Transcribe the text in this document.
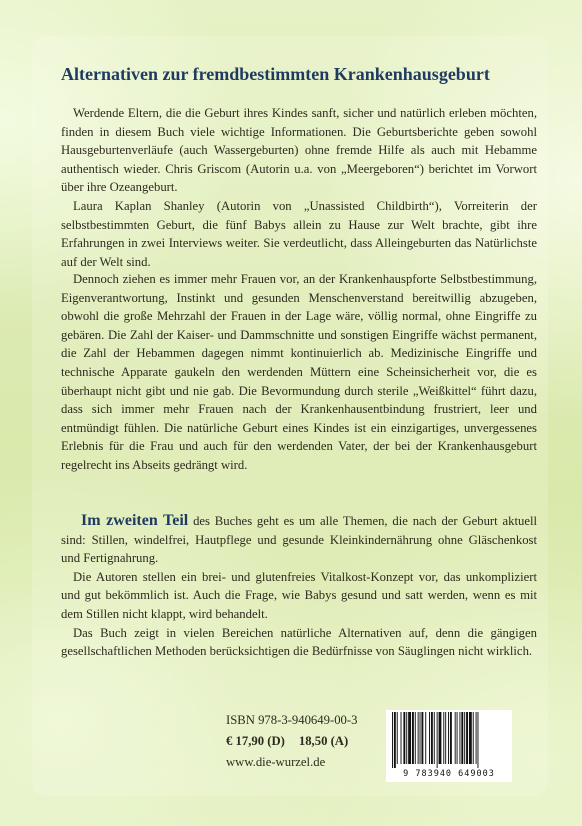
Alternativen zur fremdbestimmten Krankenhausgeburt

Werdende Eltern, die die Geburt ihres Kindes sanft, sicher und natürlich erleben möchten, finden in diesem Buch viele wichtige Informationen. Die Geburtsberichte geben sowohl Hausgeburtenverläufe (auch Wassergeburten) ohne fremde Hilfe als auch mit Hebamme authentisch wieder. Chris Griscom (Autorin u.a. von „Meergeboren“) berichtet im Vorwort über ihre Ozeangeburt.

Laura Kaplan Shanley (Autorin von „Unassisted Childbirth“), Vorreiterin der selbstbestimmten Geburt, die fünf Babys allein zu Hause zur Welt brachte, gibt ihre Erfahrungen in zwei Interviews weiter. Sie verdeutlicht, dass Alleingeburten das Natürlichste auf der Welt sind.

Dennoch ziehen es immer mehr Frauen vor, an der Krankenhauspforte Selbstbestimmung, Eigenverantwortung, Instinkt und gesunden Menschenverstand bereitwillig abzugeben, obwohl die große Mehrzahl der Frauen in der Lage wäre, völlig normal, ohne Eingriffe zu gebären. Die Zahl der Kaiser- und Dammschnitte und sonstigen Eingriffe wächst permanent, die Zahl der Hebammen dagegen nimmt kontinuierlich ab. Medizinische Eingriffe und technische Apparate gaukeln den werdenden Müttern eine Scheinsicherheit vor, die es überhaupt nicht gibt und nie gab. Die Bevormundung durch sterile „Weißkittel“ führt dazu, dass sich immer mehr Frauen nach der Krankenhausentbindung frustriert, leer und entmündigt fühlen. Die natürliche Geburt eines Kindes ist ein einzigartiges, unvergessenes Erlebnis für die Frau und auch für den werdenden Vater, der bei der Krankenhausgeburt regelrecht ins Abseits gedrängt wird.

Im zweiten Teil des Buches geht es um alle Themen, die nach der Geburt aktuell sind: Stillen, windelfrei, Hautpflege und gesunde Kleinkindernährung ohne Gläschenkost und Fertignahrung.

Die Autoren stellen ein brei- und glutenfreies Vitalkost-Konzept vor, das unkompliziert und gut bekömmlich ist. Auch die Frage, wie Babys gesund und satt werden, wenn es mit dem Stillen nicht klappt, wird behandelt.

Das Buch zeigt in vielen Bereichen natürliche Alternativen auf, denn die gängigen gesellschaftlichen Methoden berücksichtigen die Bedürfnisse von Säuglingen nicht wirklich.

ISBN 978-3-940649-00-3
€ 17,90 (D) 18,50 (A)
www.die-wurzel.de
9 783940 649003
